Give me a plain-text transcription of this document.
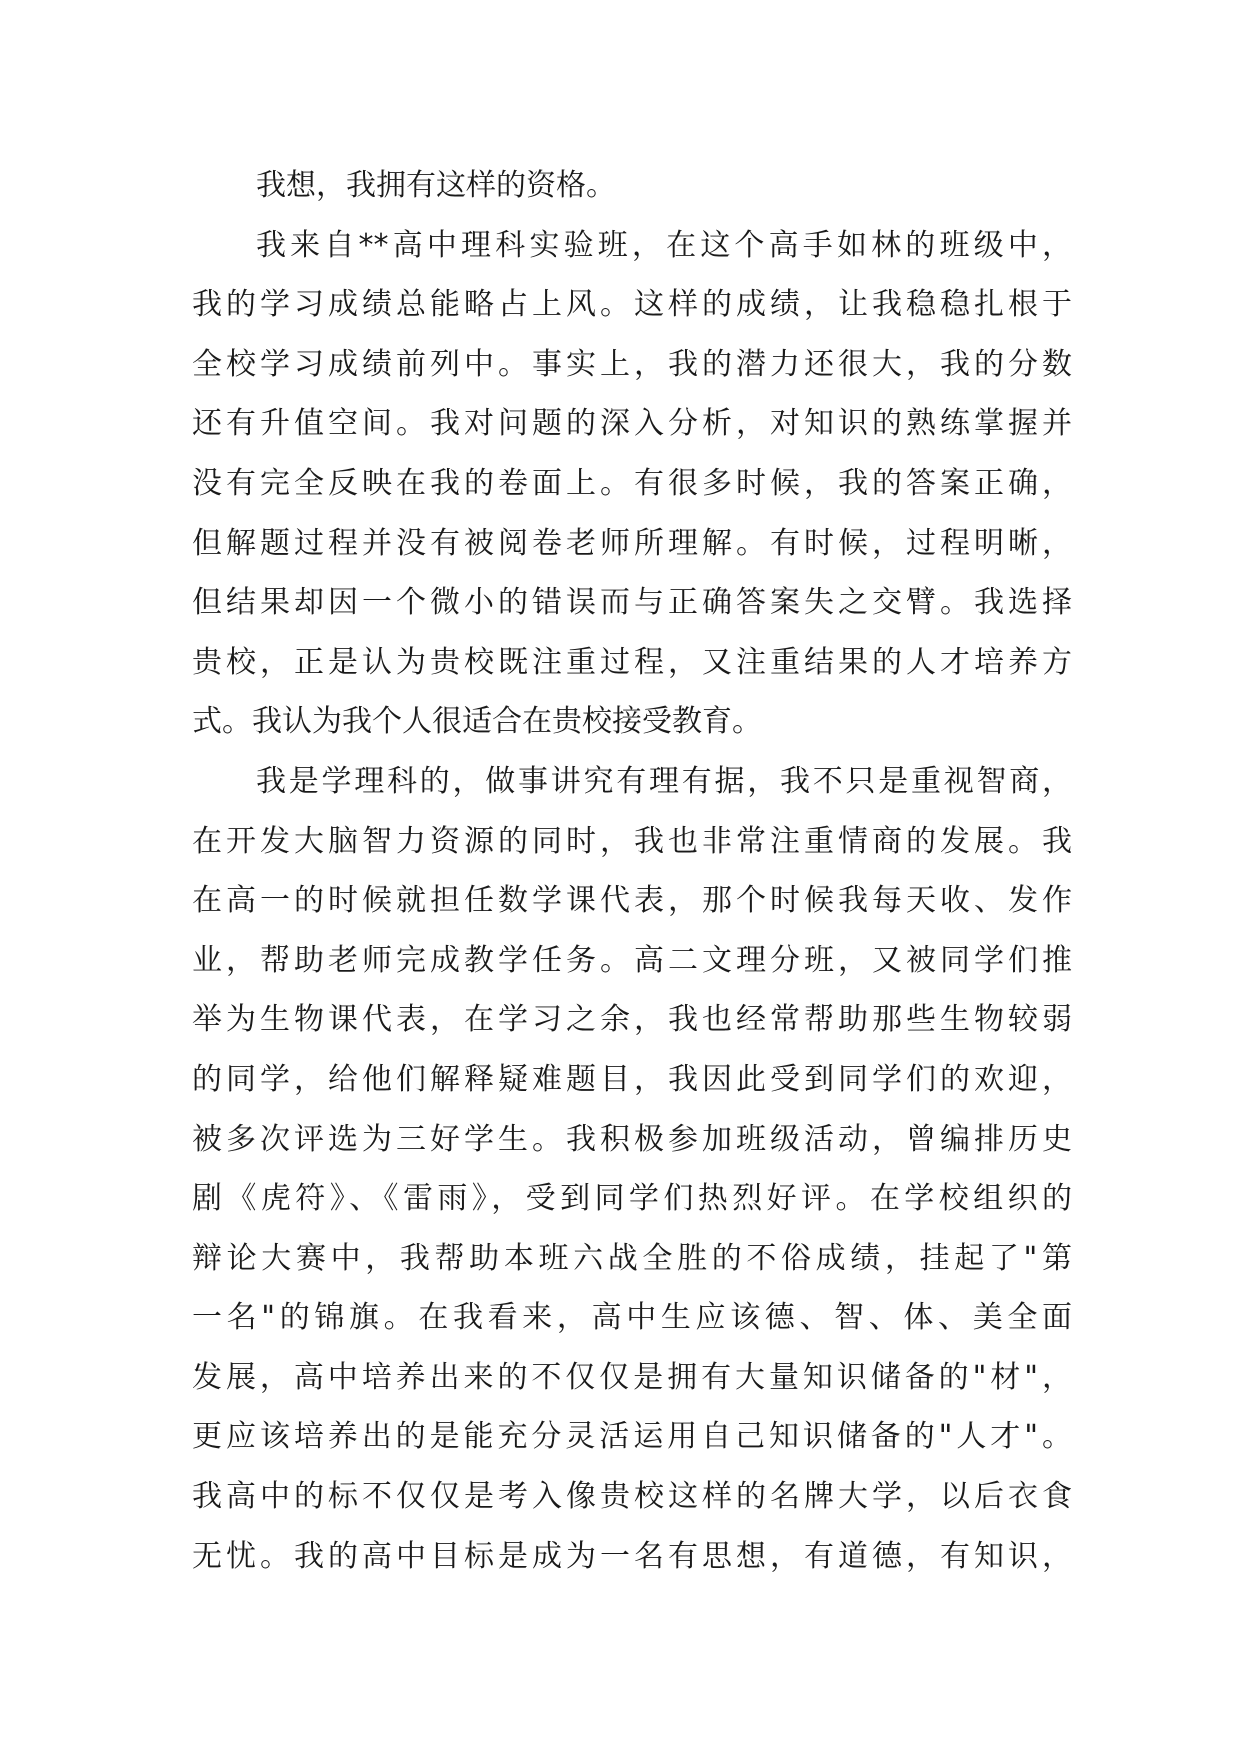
我想，我拥有这样的资格。
我来自**高中理科实验班，在这个高手如林的班级中，
我的学习成绩总能略占上风。这样的成绩，让我稳稳扎根于
全校学习成绩前列中。事实上，我的潜力还很大，我的分数
还有升值空间。我对问题的深入分析，对知识的熟练掌握并
没有完全反映在我的卷面上。有很多时候，我的答案正确，
但解题过程并没有被阅卷老师所理解。有时候，过程明晰，
但结果却因一个微小的错误而与正确答案失之交臂。我选择
贵校，正是认为贵校既注重过程，又注重结果的人才培养方
式。我认为我个人很适合在贵校接受教育。
我是学理科的，做事讲究有理有据，我不只是重视智商，
在开发大脑智力资源的同时，我也非常注重情商的发展。我
在高一的时候就担任数学课代表，那个时候我每天收、发作
业，帮助老师完成教学任务。高二文理分班，又被同学们推
举为生物课代表，在学习之余，我也经常帮助那些生物较弱
的同学，给他们解释疑难题目，我因此受到同学们的欢迎，
被多次评选为三好学生。我积极参加班级活动，曾编排历史
剧《虎符》、《雷雨》，受到同学们热烈好评。在学校组织的
辩论大赛中，我帮助本班六战全胜的不俗成绩，挂起了"第
一名"的锦旗。在我看来，高中生应该德、智、体、美全面
发展，高中培养出来的不仅仅是拥有大量知识储备的"材"，
更应该培养出的是能充分灵活运用自己知识储备的"人才"。
我高中的标不仅仅是考入像贵校这样的名牌大学，以后衣食
无忧。我的高中目标是成为一名有思想，有道德，有知识，
